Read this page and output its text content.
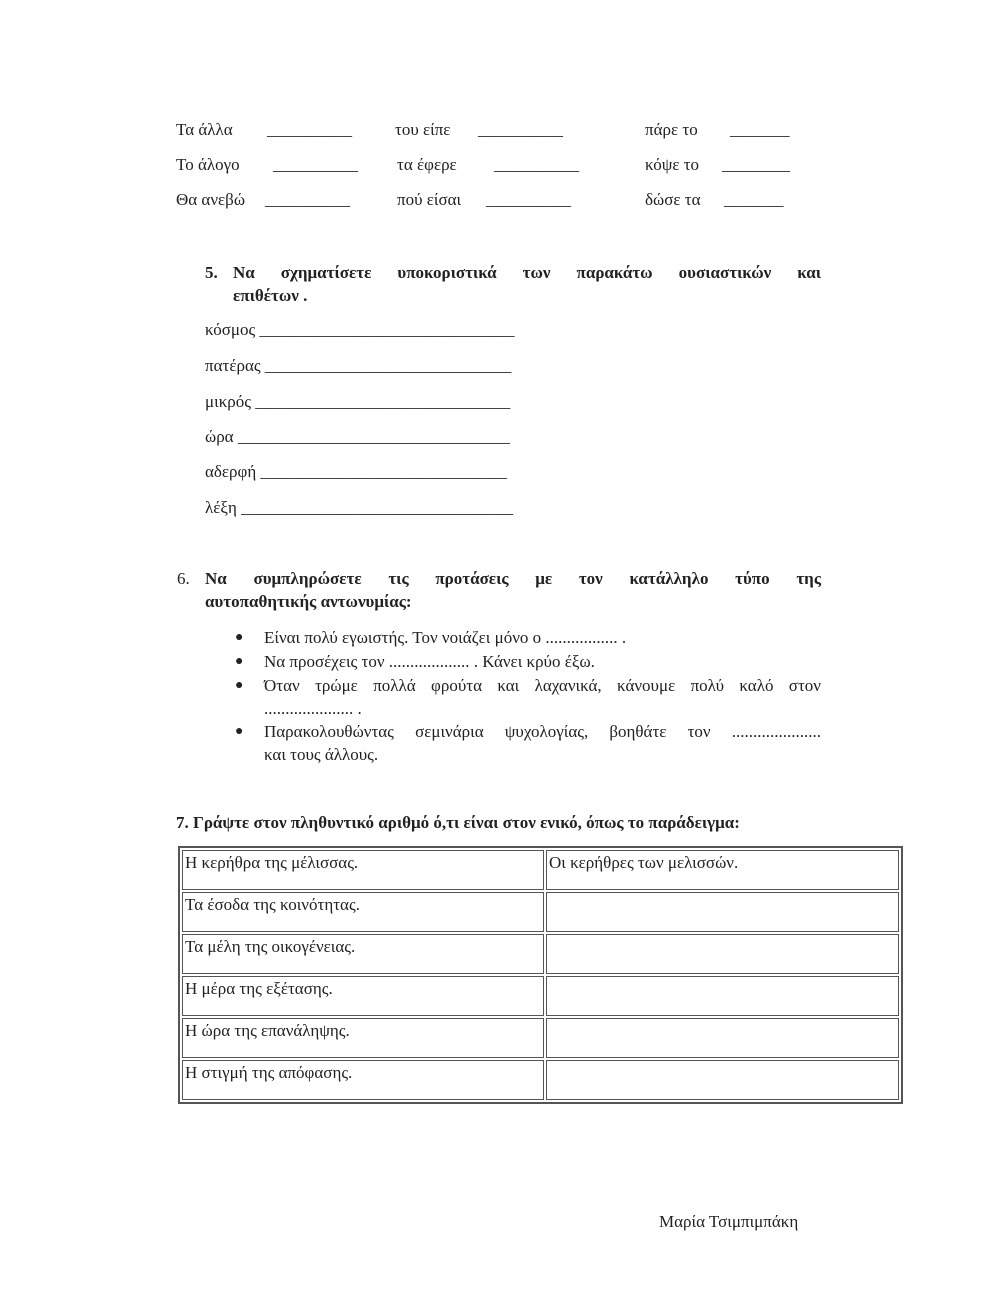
Τα άλλα __________	του είπε __________	πάρε το _______
Το άλογο __________ τα έφερε __________	κόψε το ________
Θα ανεβώ __________	πού είσαι __________	δώσε τα _______
5. Να σχηματίσετε υποκοριστικά των παρακάτω ουσιαστικών και
επιθέτων .
κόσμος ______________________________
πατέρας _____________________________
μικρός ______________________________
ώρα ________________________________
αδερφή _____________________________
λέξη ________________________________
6. Να συμπληρώσετε τις προτάσεις με τον κατάλληλο τύπο της
αυτοπαθητικής αντωνυμίας:
● Είναι πολύ εγωιστής. Τον νοιάζει μόνο ο ................. .
● Να προσέχεις τον ................... . Κάνει κρύο έξω.
● Όταν τρώμε πολλά φρούτα και λαχανικά, κάνουμε πολύ καλό στον
..................... .
● Παρακολουθώντας σεμινάρια ψυχολογίας, βοηθάτε τον .....................
και τους άλλους.
7. Γράψτε στον πληθυντικό αριθμό ό,τι είναι στον ενικό, όπως το παράδειγμα:
Η κερήθρα της μέλισσας.	Οι κερήθρες των μελισσών.
Τα έσοδα της κοινότητας.	
Τα μέλη της οικογένειας.	
Η μέρα της εξέτασης.	
Η ώρα της επανάληψης.	
Η στιγμή της απόφασης.	
Μαρία Τσιμπιμπάκη
